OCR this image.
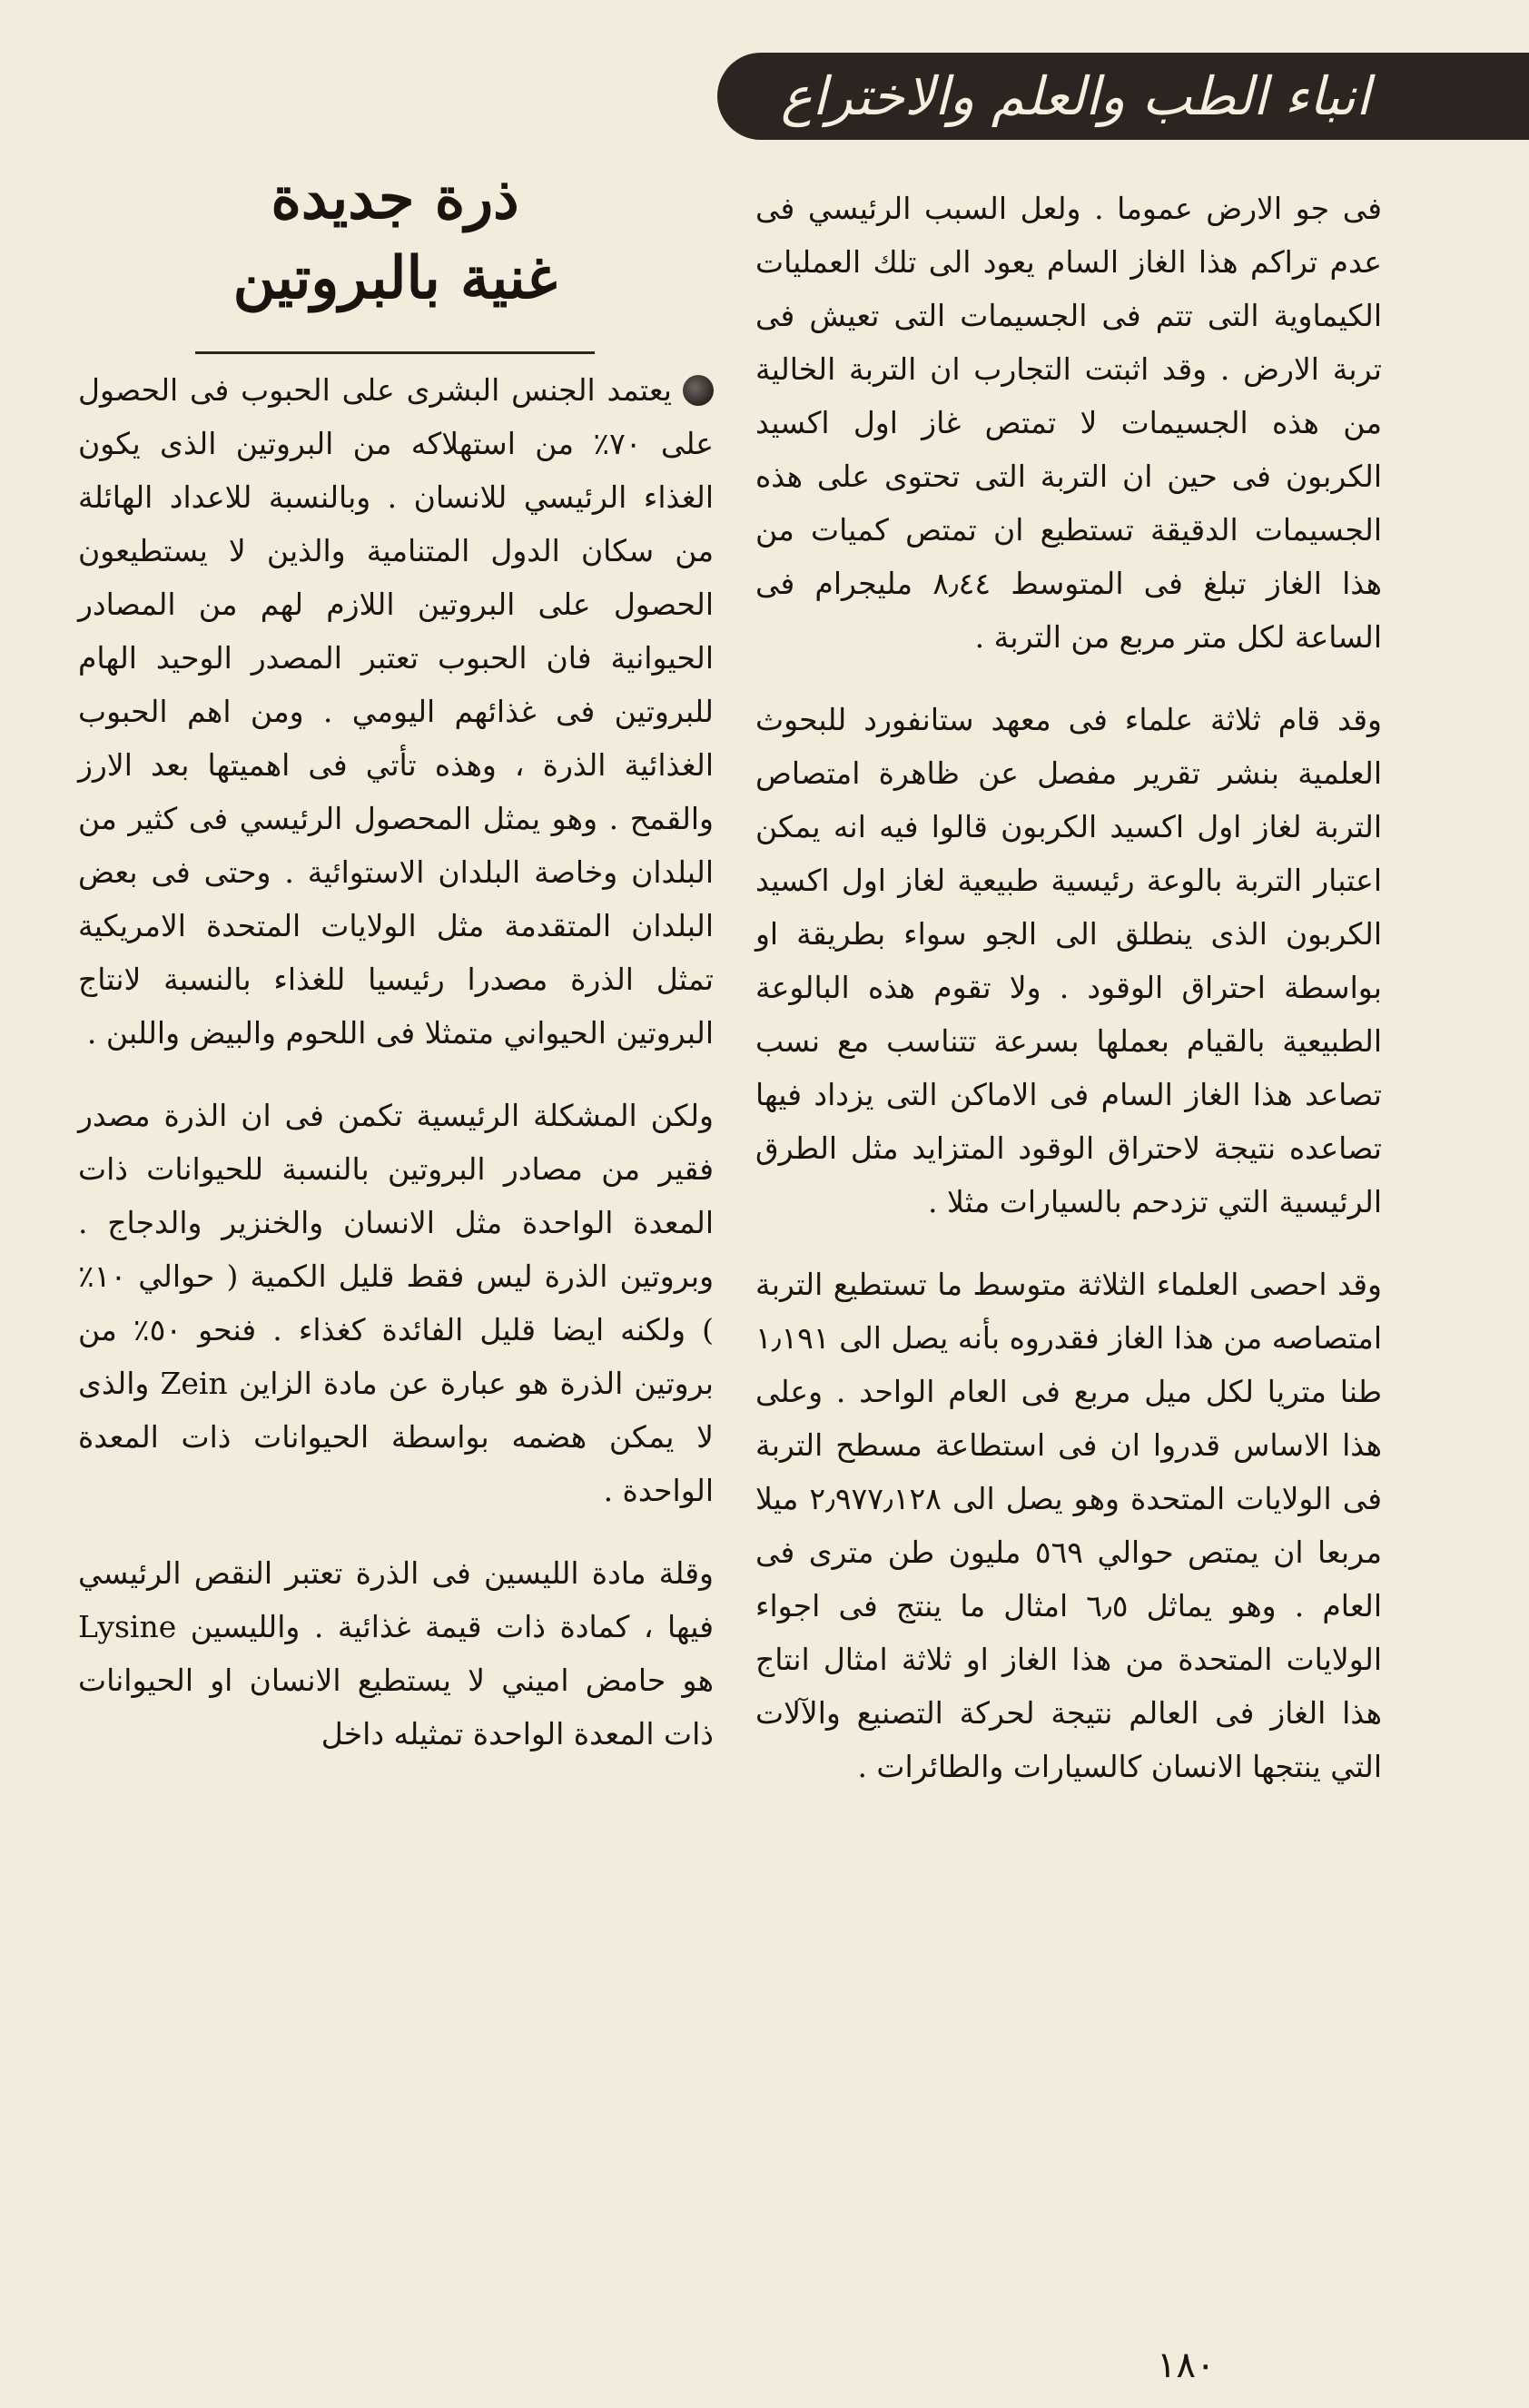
انباء الطب والعلم والاختراع

فى جو الارض عموما . ولعل السبب الرئيسي فى عدم تراكم هذا الغاز السام يعود الى تلك العمليات الكيماوية التى تتم فى الجسيمات التى تعيش فى تربة الارض . وقد اثبتت التجارب ان التربة الخالية من هذه الجسيمات لا تمتص غاز اول اكسيد الكربون فى حين ان التربة التى تحتوى على هذه الجسيمات الدقيقة تستطيع ان تمتص كميات من هذا الغاز تبلغ فى المتوسط ٨٫٤٤ مليجرام فى الساعة لكل متر مربع من التربة .

وقد قام ثلاثة علماء فى معهد ستانفورد للبحوث العلمية بنشر تقرير مفصل عن ظاهرة امتصاص التربة لغاز اول اكسيد الكربون قالوا فيه انه يمكن اعتبار التربة بالوعة رئيسية طبيعية لغاز اول اكسيد الكربون الذى ينطلق الى الجو سواء بطريقة او بواسطة احتراق الوقود . ولا تقوم هذه البالوعة الطبيعية بالقيام بعملها بسرعة تتناسب مع نسب تصاعد هذا الغاز السام فى الاماكن التى يزداد فيها تصاعده نتيجة لاحتراق الوقود المتزايد مثل الطرق الرئيسية التي تزدحم بالسيارات مثلا .

وقد احصى العلماء الثلاثة متوسط ما تستطيع التربة امتصاصه من هذا الغاز فقدروه بأنه يصل الى ١٫١٩١ طنا متريا لكل ميل مربع فى العام الواحد . وعلى هذا الاساس قدروا ان فى استطاعة مسطح التربة فى الولايات المتحدة وهو يصل الى ٢٫٩٧٧٫١٢٨ ميلا مربعا ان يمتص حوالي ٥٦٩ مليون طن مترى فى العام . وهو يماثل ٦٫٥ امثال ما ينتج فى اجواء الولايات المتحدة من هذا الغاز او ثلاثة امثال انتاج هذا الغاز فى العالم نتيجة لحركة التصنيع والآلات التي ينتجها الانسان كالسيارات والطائرات .

ذرة جديدة
غنية بالبروتين

يعتمد الجنس البشرى على الحبوب فى الحصول على ٧٠٪ من استهلاكه من البروتين الذى يكون الغذاء الرئيسي للانسان . وبالنسبة للاعداد الهائلة من سكان الدول المتنامية والذين لا يستطيعون الحصول على البروتين اللازم لهم من المصادر الحيوانية فان الحبوب تعتبر المصدر الوحيد الهام للبروتين فى غذائهم اليومي . ومن اهم الحبوب الغذائية الذرة ، وهذه تأتي فى اهميتها بعد الارز والقمح . وهو يمثل المحصول الرئيسي فى كثير من البلدان وخاصة البلدان الاستوائية . وحتى فى بعض البلدان المتقدمة مثل الولايات المتحدة الامريكية تمثل الذرة مصدرا رئيسيا للغذاء بالنسبة لانتاج البروتين الحيواني متمثلا فى اللحوم والبيض واللبن .

ولكن المشكلة الرئيسية تكمن فى ان الذرة مصدر فقير من مصادر البروتين بالنسبة للحيوانات ذات المعدة الواحدة مثل الانسان والخنزير والدجاج . وبروتين الذرة ليس فقط قليل الكمية ( حوالي ١٠٪ ) ولكنه ايضا قليل الفائدة كغذاء . فنحو ٥٠٪ من بروتين الذرة هو عبارة عن مادة الزاين Zein والذى لا يمكن هضمه بواسطة الحيوانات ذات المعدة الواحدة .

وقلة مادة الليسين فى الذرة تعتبر النقص الرئيسي فيها ، كمادة ذات قيمة غذائية . والليسين Lysine هو حامض اميني لا يستطيع الانسان او الحيوانات ذات المعدة الواحدة تمثيله داخل

١٨٠
